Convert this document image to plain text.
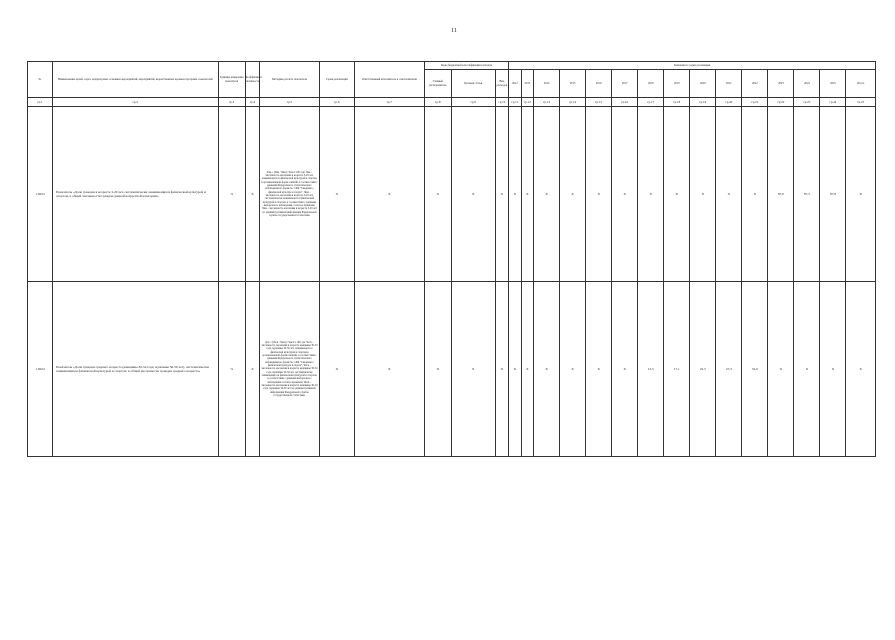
11
№	Наименование целей, задач, подпрограмм, основных мероприятий, мероприятий, ведомственных целевых программ, показателей	Единица измерения показателя	Коэффициент значимости	Методика расчета показателя	Сроки реализации	Ответственный исполнитель и соисполнители	Коды бюджетной классификации расходов			Значения по годам реализации														
							Главный распорядитель	Целевая статья	Вид расходов	2012	2013	2014	2015	2016	2017	2018	2019	2020	2021	2022	2023	2024	2025	Итого
гр.1	гр.2	гр.3	гр.4	гр.5	гр.6	гр.7	гр.8	гр.9	гр.10	гр.11	гр.12	гр.13	гр.14	гр.15	гр.16	гр.17	гр.18	гр.19	гр.20	гр.21	гр.22	гр.23	гр.24	гр.25
1.0023	Показатель «Доля граждан в возрасте 3-29 лет, систематически занимающихся физической культурой и спортом, в общей численности граждан данной возрастной категории»	%	X	Дзм = (Чзм / Чнм) / Чнм х 100, где: Чзм – численность населения в возрасте 3-29 лет, занимающегося физической культурой и спортом в организованной форме занятий, в соответствии с данными Федерального статистического наблюдения по форме № 1-ФК "Сведения о физической культуре и спорте"; Чнм – численность населения в возрасте 3-29 лет, систематически занимающегося физической культурой и спортом, в соответствии с данными выборочного наблюдения, согласно правилам; Чнм – численность населения в возрасте 3-29 лет по административной информации Федеральной службы государственной статистики.	X	X	X	X	X	X	X	X	X	X	X	X	X	X	X	X	87,0	87,5	87,8	X
1.0024	Показатель «Доля граждан среднего возраста (женщины 30-54 года; мужчины 30-59 лет), систематически занимающихся физической культурой и спортом, в общей численности граждан среднего возраста»	%	X	Дсв = (Чзсв / Чнсв) / Чнсв х 100, где: Чзсв – численность населения в возрасте женщины 30-54 года, мужчины 30-59 лет, занимающегося физической культурой и спортом в организованной форме занятий, в соответствии с данными Федерального статистического наблюдения по форме № 1-ФК "Сведения о физической культуре и спорте"; Чнсв – численность населения в возрасте женщины 30-54 года, мужчины 30-59 лет, систематически занимающегося физической культурой и спортом, в соответствии с данными выборочного наблюдения согласно правилам; Чнсв – численность населения в возрасте женщины 30-54 года, мужчины 30-59 лет по административной информации Федеральной службы государственной статистики.	X	X	X	X	X	X	X	X	X	X	X	15,5	17,1	22,5	27,3	32,0	X	X	X	X
